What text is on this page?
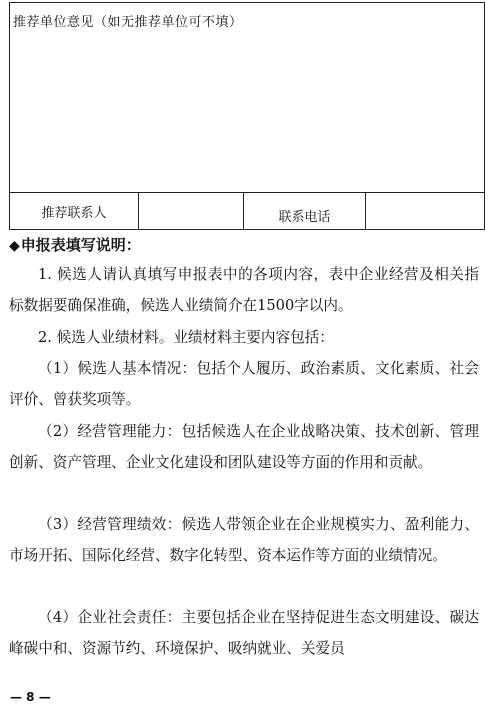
推荐单位意见（如无推荐单位可不填）
推荐联系人	联系电话
◆申报表填写说明：
1. 候选人请认真填写申报表中的各项内容，表中企业经营及相关指标数据要确保准确，候选人业绩简介在1500字以内。
2. 候选人业绩材料。业绩材料主要内容包括：
（1）候选人基本情况：包括个人履历、政治素质、文化素质、社会评价、曾获奖项等。
（2）经营管理能力：包括候选人在企业战略决策、技术创新、管理创新、资产管理、企业文化建设和团队建设等方面的作用和贡献。
（3）经营管理绩效：候选人带领企业在企业规模实力、盈利能力、市场开拓、国际化经营、数字化转型、资本运作等方面的业绩情况。
（4）企业社会责任：主要包括企业在坚持促进生态文明建设、碳达峰碳中和、资源节约、环境保护、吸纳就业、关爱员
— 8 —
